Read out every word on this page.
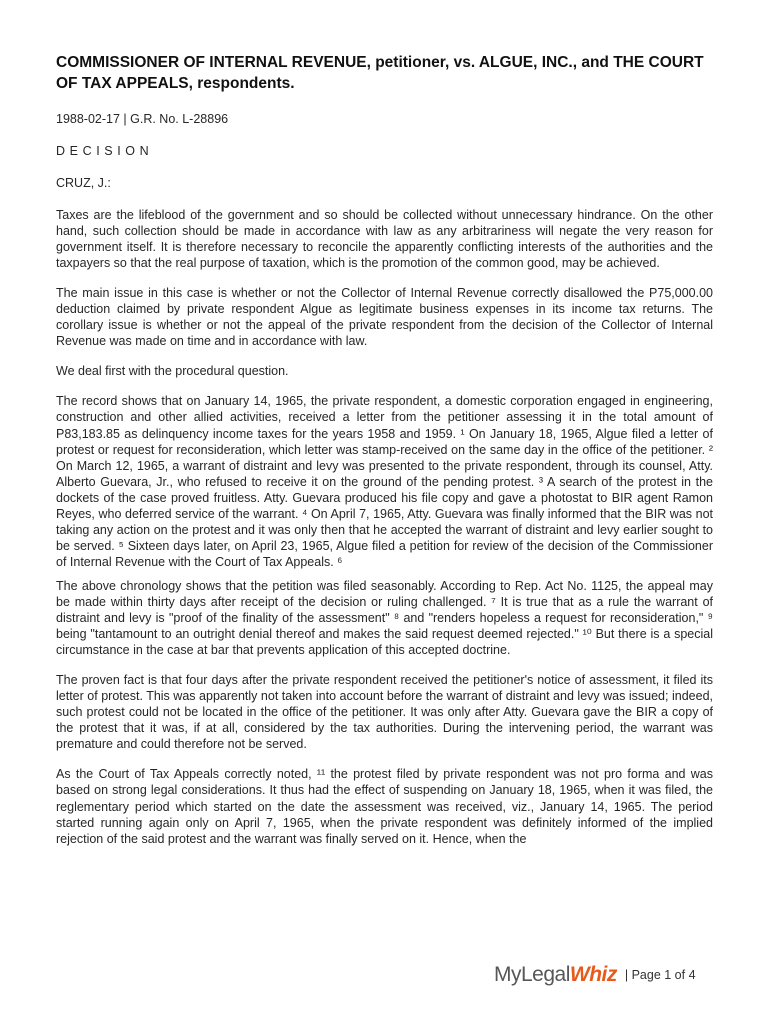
COMMISSIONER OF INTERNAL REVENUE, petitioner, vs. ALGUE, INC., and THE COURT OF TAX APPEALS, respondents.
1988-02-17 | G.R. No. L-28896
DECISION
CRUZ, J.:

Taxes are the lifeblood of the government and so should be collected without unnecessary hindrance. On the other hand, such collection should be made in accordance with law as any arbitrariness will negate the very reason for government itself. It is therefore necessary to reconcile the apparently conflicting interests of the authorities and the taxpayers so that the real purpose of taxation, which is the promotion of the common good, may be achieved.

The main issue in this case is whether or not the Collector of Internal Revenue correctly disallowed the P75,000.00 deduction claimed by private respondent Algue as legitimate business expenses in its income tax returns. The corollary issue is whether or not the appeal of the private respondent from the decision of the Collector of Internal Revenue was made on time and in accordance with law.

We deal first with the procedural question.

The record shows that on January 14, 1965, the private respondent, a domestic corporation engaged in engineering, construction and other allied activities, received a letter from the petitioner assessing it in the total amount of P83,183.85 as delinquency income taxes for the years 1958 and 1959. ¹ On January 18, 1965, Algue filed a letter of protest or request for reconsideration, which letter was stamp-received on the same day in the office of the petitioner. ² On March 12, 1965, a warrant of distraint and levy was presented to the private respondent, through its counsel, Atty. Alberto Guevara, Jr., who refused to receive it on the ground of the pending protest. ³ A search of the protest in the dockets of the case proved fruitless. Atty. Guevara produced his file copy and gave a photostat to BIR agent Ramon Reyes, who deferred service of the warrant. ⁴ On April 7, 1965, Atty. Guevara was finally informed that the BIR was not taking any action on the protest and it was only then that he accepted the warrant of distraint and levy earlier sought to be served. ⁵ Sixteen days later, on April 23, 1965, Algue filed a petition for review of the decision of the Commissioner of Internal Revenue with the Court of Tax Appeals. ⁶

The above chronology shows that the petition was filed seasonably. According to Rep. Act No. 1125, the appeal may be made within thirty days after receipt of the decision or ruling challenged. ⁷ It is true that as a rule the warrant of distraint and levy is "proof of the finality of the assessment" ⁸ and "renders hopeless a request for reconsideration," ⁹ being "tantamount to an outright denial thereof and makes the said request deemed rejected." ¹⁰ But there is a special circumstance in the case at bar that prevents application of this accepted doctrine.

The proven fact is that four days after the private respondent received the petitioner's notice of assessment, it filed its letter of protest. This was apparently not taken into account before the warrant of distraint and levy was issued; indeed, such protest could not be located in the office of the petitioner. It was only after Atty. Guevara gave the BIR a copy of the protest that it was, if at all, considered by the tax authorities. During the intervening period, the warrant was premature and could therefore not be served.

As the Court of Tax Appeals correctly noted, ¹¹ the protest filed by private respondent was not pro forma and was based on strong legal considerations. It thus had the effect of suspending on January 18, 1965, when it was filed, the reglementary period which started on the date the assessment was received, viz., January 14, 1965. The period started running again only on April 7, 1965, when the private respondent was definitely informed of the implied rejection of the said protest and the warrant was finally served on it. Hence, when the

MyLegalWhiz | Page 1 of 4
